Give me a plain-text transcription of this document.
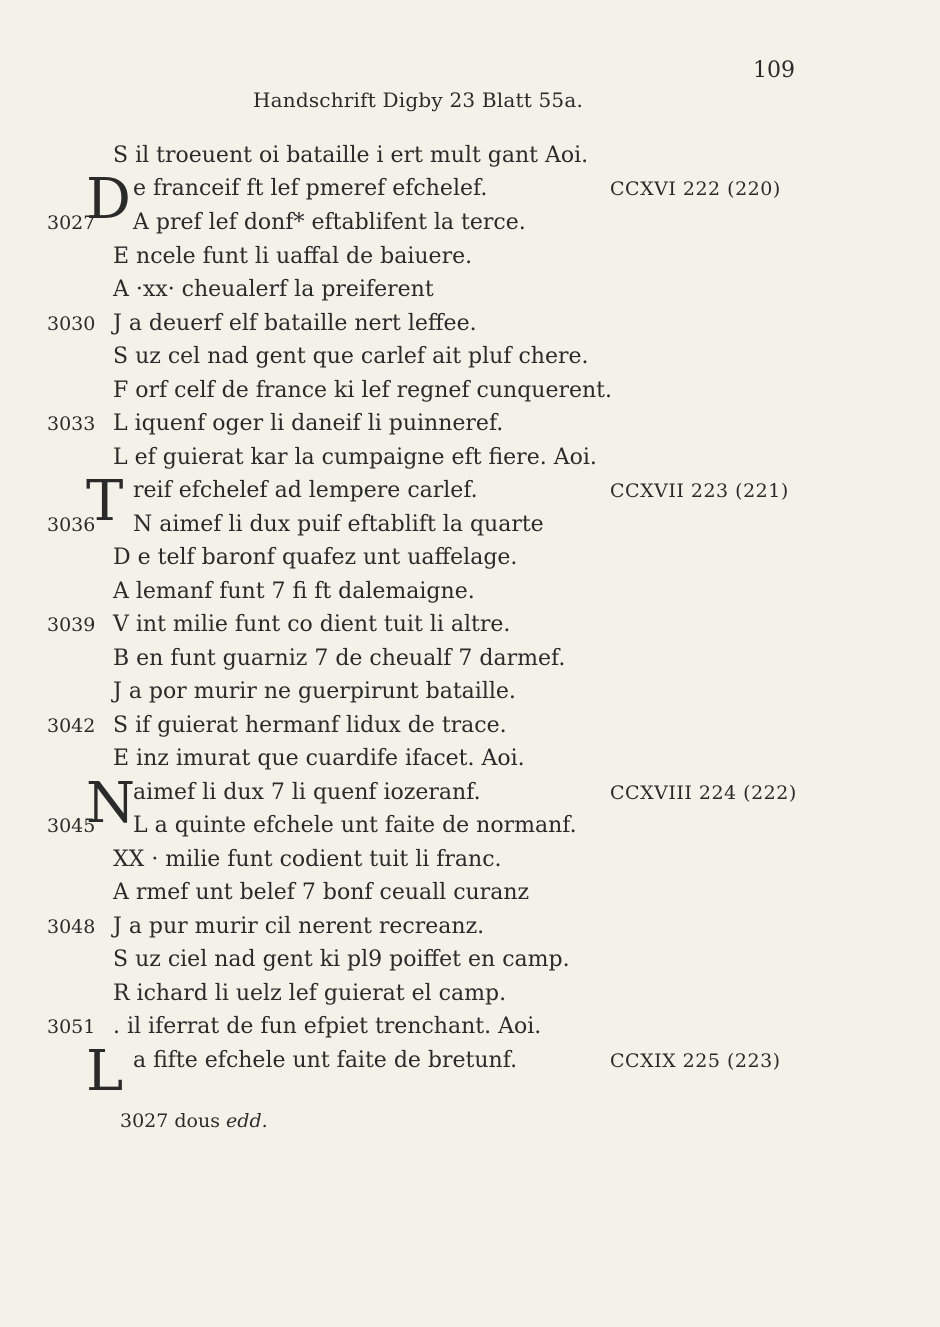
109
Handschrift Digby 23 Blatt 55a.
S il troeuent oi bataille i ert mult gant Aoi.
e franceif ft lef pmeref efchelef.	CCXVI 222 (220)
3027 A pref lef donf* eftablifent la terce.
E ncele funt li uaffal de baiuere.
A ·xx· cheualerf la preiferent
3030 J a deuerf elf bataille nert leffee.
S uz cel nad gent que carlef ait pluf chere.
F orf celf de france ki lef regnef cunquerent.
3033 L iquenf oger li daneif li puinneref.
L ef guierat kar la cumpaigne eft fiere. Aoi.
reif efchelef ad lempere carlef.	CCXVII 223 (221)
3036 N aimef li dux puif eftablift la quarte
D e telf baronf quafez unt uaffelage.
A lemanf funt 7 fi ft dalemaigne.
3039 V int milie funt co dient tuit li altre.
B en funt guarniz 7 de cheualf 7 darmef.
J a por murir ne guerpirunt bataille.
3042 S if guierat hermanf lidux de trace.
E inz imurat que cuardife ifacet. Aoi.
aimef li dux 7 li quenf iozeranf.	CCXVIII 224 (222)
3045 L a quinte efchele unt faite de normanf.
XX · milie funt codient tuit li franc.
A rmef unt belef 7 bonf ceuall curanz
3048 J a pur murir cil nerent recreanz.
S uz ciel nad gent ki pl9 poiffet en camp.
R ichard li uelz lef guierat el camp.
3051 . il iferrat de fun efpiet trenchant. Aoi.
a fifte efchele unt faite de bretunf.	CCXIX 225 (223)
D
T
N
L
3027 dous edd.
